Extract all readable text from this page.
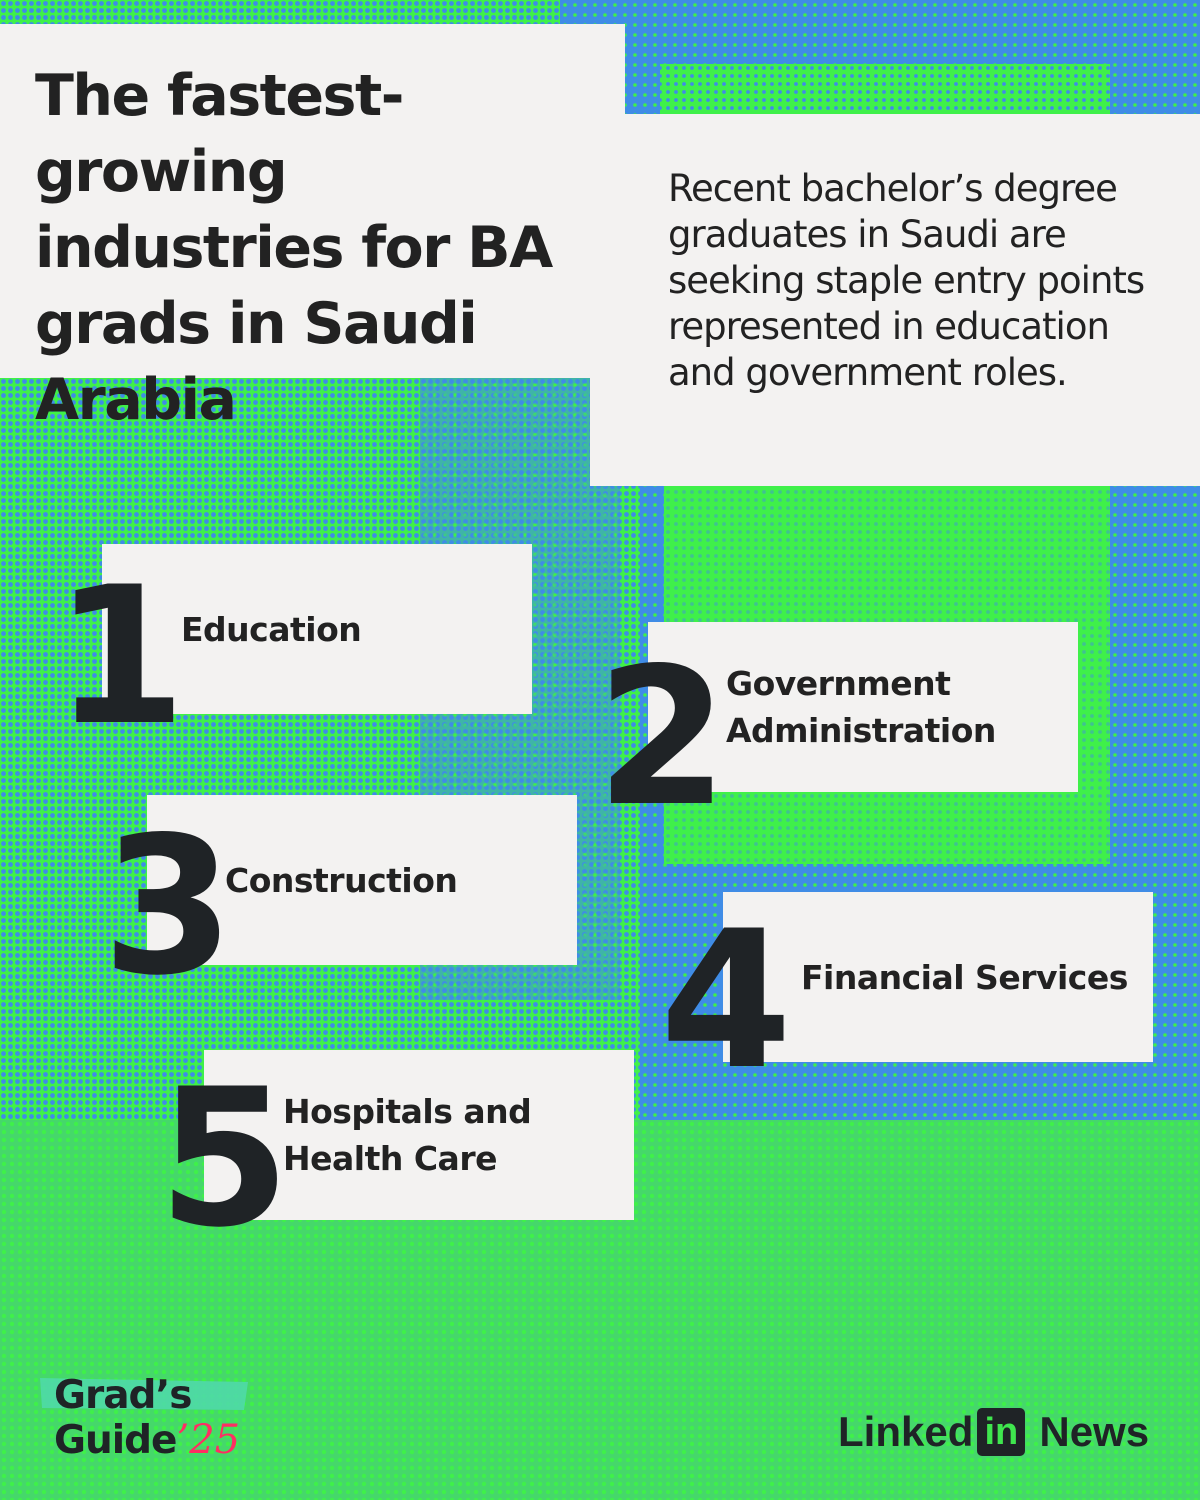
The fastest-growing industries for BA grads in Saudi Arabia

Recent bachelor’s degree graduates in Saudi are seeking staple entry points represented in education and government roles.

Education
1	Government Administration
2
Construction
3	Financial Services
4
Hospitals and Health Care
5
Grad’s
Guide’25	Linked in News
